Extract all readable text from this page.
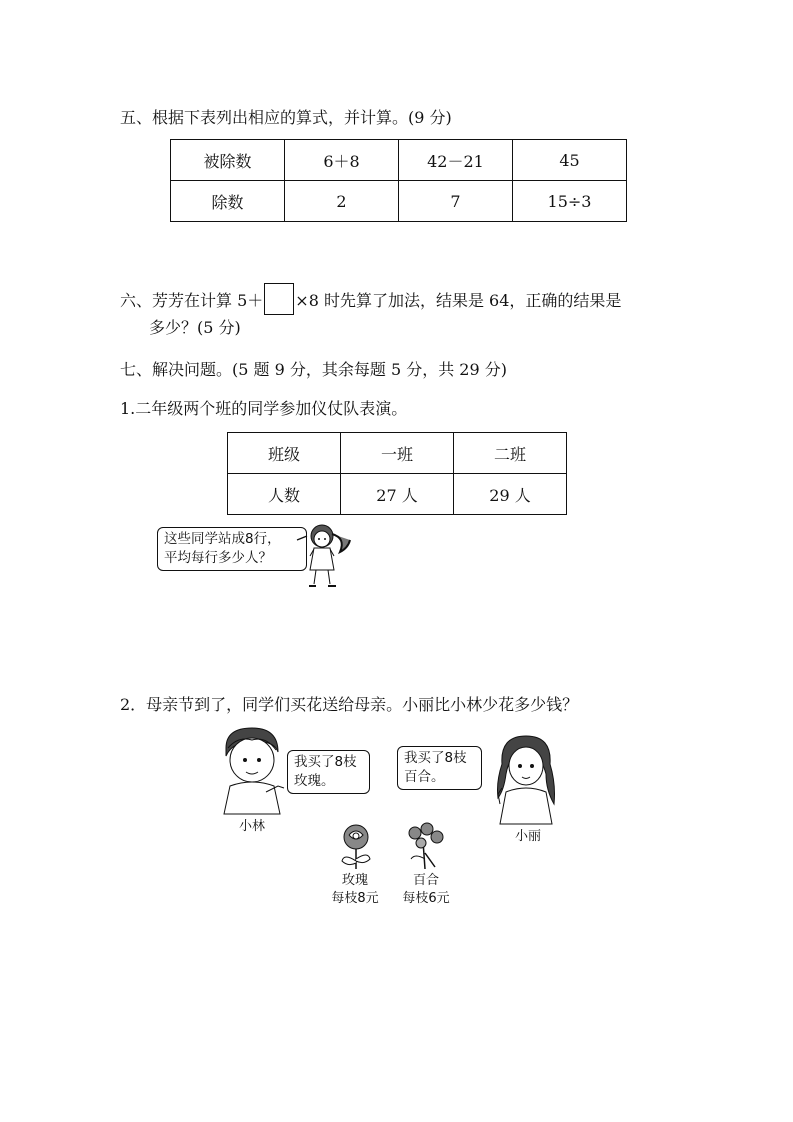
五、根据下表列出相应的算式，并计算。(9 分)
被除数	6＋8	42－21	45
除数	2	7	15÷3
六、芳芳在计算 5＋ ×8 时先算了加法，结果是 64，正确的结果是
多少？(5 分)
七、解决问题。(5 题 9 分，其余每题 5 分，共 29 分)
1.二年级两个班的同学参加仪仗队表演。
班级	一班	二班
人数	27 人	29 人
这些同学站成8行，
平均每行多少人？
2．母亲节到了，同学们买花送给母亲。小丽比小林少花多少钱？
我买了8枝
玫瑰。
小林
我买了8枝
百合。
小丽
玫瑰
每枝8元
百合
每枝6元
